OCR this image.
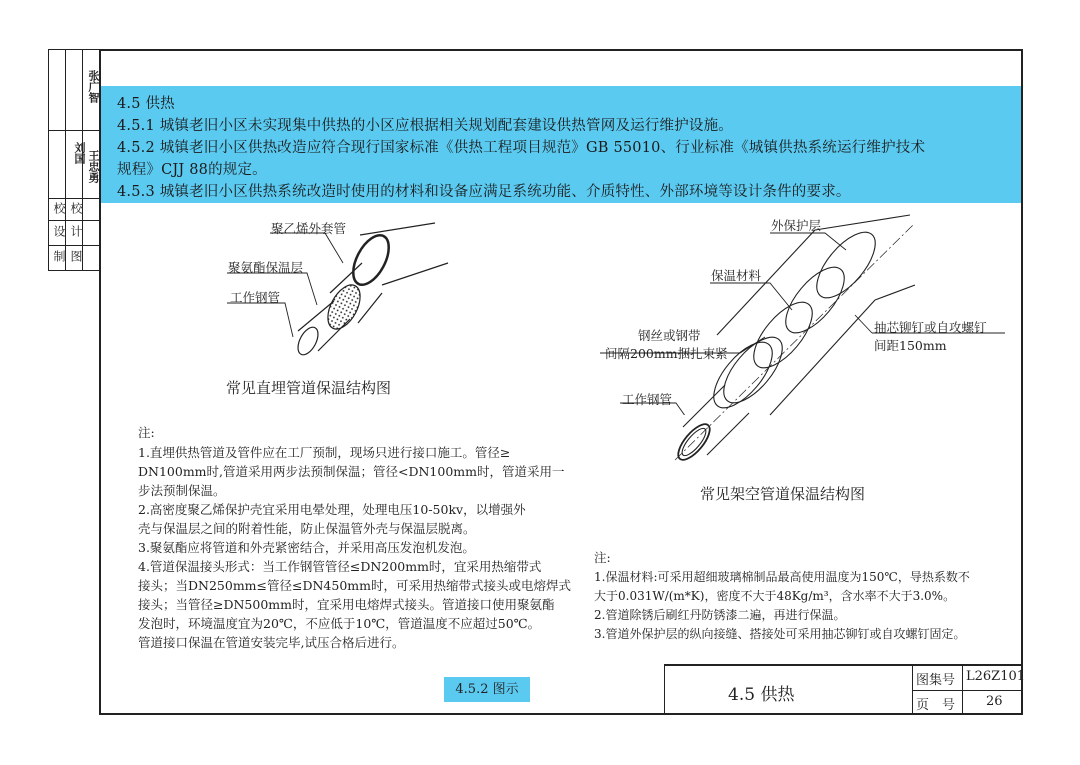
校
设
制
校
计
图
张广智
王忠勇
刘国
4.5 供热
4.5.1 城镇老旧小区未实现集中供热的小区应根据相关规划配套建设供热管网及运行维护设施。
4.5.2 城镇老旧小区供热改造应符合现行国家标准《供热工程项目规范》GB 55010、行业标准《城镇供热系统运行维护技术
规程》CJJ 88的规定。
4.5.3 城镇老旧小区供热系统改造时使用的材料和设备应满足系统功能、介质特性、外部环境等设计条件的要求。
聚乙烯外套管
聚氨酯保温层
工作钢管
常见直埋管道保温结构图
外保护层
保温材料
抽芯铆钉或自攻螺钉
间距150mm
钢丝或钢带
间隔200mm捆扎束紧
工作钢管
常见架空管道保温结构图
注:
1.直埋供热管道及管件应在工厂预制，现场只进行接口施工。管径≥
DN100mm时,管道采用两步法预制保温；管径<DN100mm时，管道采用一
步法预制保温。
2.高密度聚乙烯保护壳宜采用电晕处理，处理电压10-50kv，以增强外
壳与保温层之间的附着性能，防止保温管外壳与保温层脱离。
3.聚氨酯应将管道和外壳紧密结合，并采用高压发泡机发泡。
4.管道保温接头形式：当工作钢管管径≤DN200mm时，宜采用热缩带式
接头；当DN250mm≤管径≤DN450mm时，可采用热缩带式接头或电熔焊式
接头；当管径≥DN500mm时，宜采用电熔焊式接头。管道接口使用聚氨酯
发泡时，环境温度宜为20℃，不应低于10℃，管道温度不应超过50℃。
管道接口保温在管道安装完毕,试压合格后进行。
注:
1.保温材料:可采用超细玻璃棉制品最高使用温度为150℃，导热系数不
大于0.031W/(m*K)，密度不大于48Kg/m³，含水率不大于3.0%。
2.管道除锈后刷红丹防锈漆二遍，再进行保温。
3.管道外保护层的纵向接缝、搭接处可采用抽芯铆钉或自攻螺钉固定。
4.5.2 图示	4.5 供热
图集号 L26Z101
页　号 26
